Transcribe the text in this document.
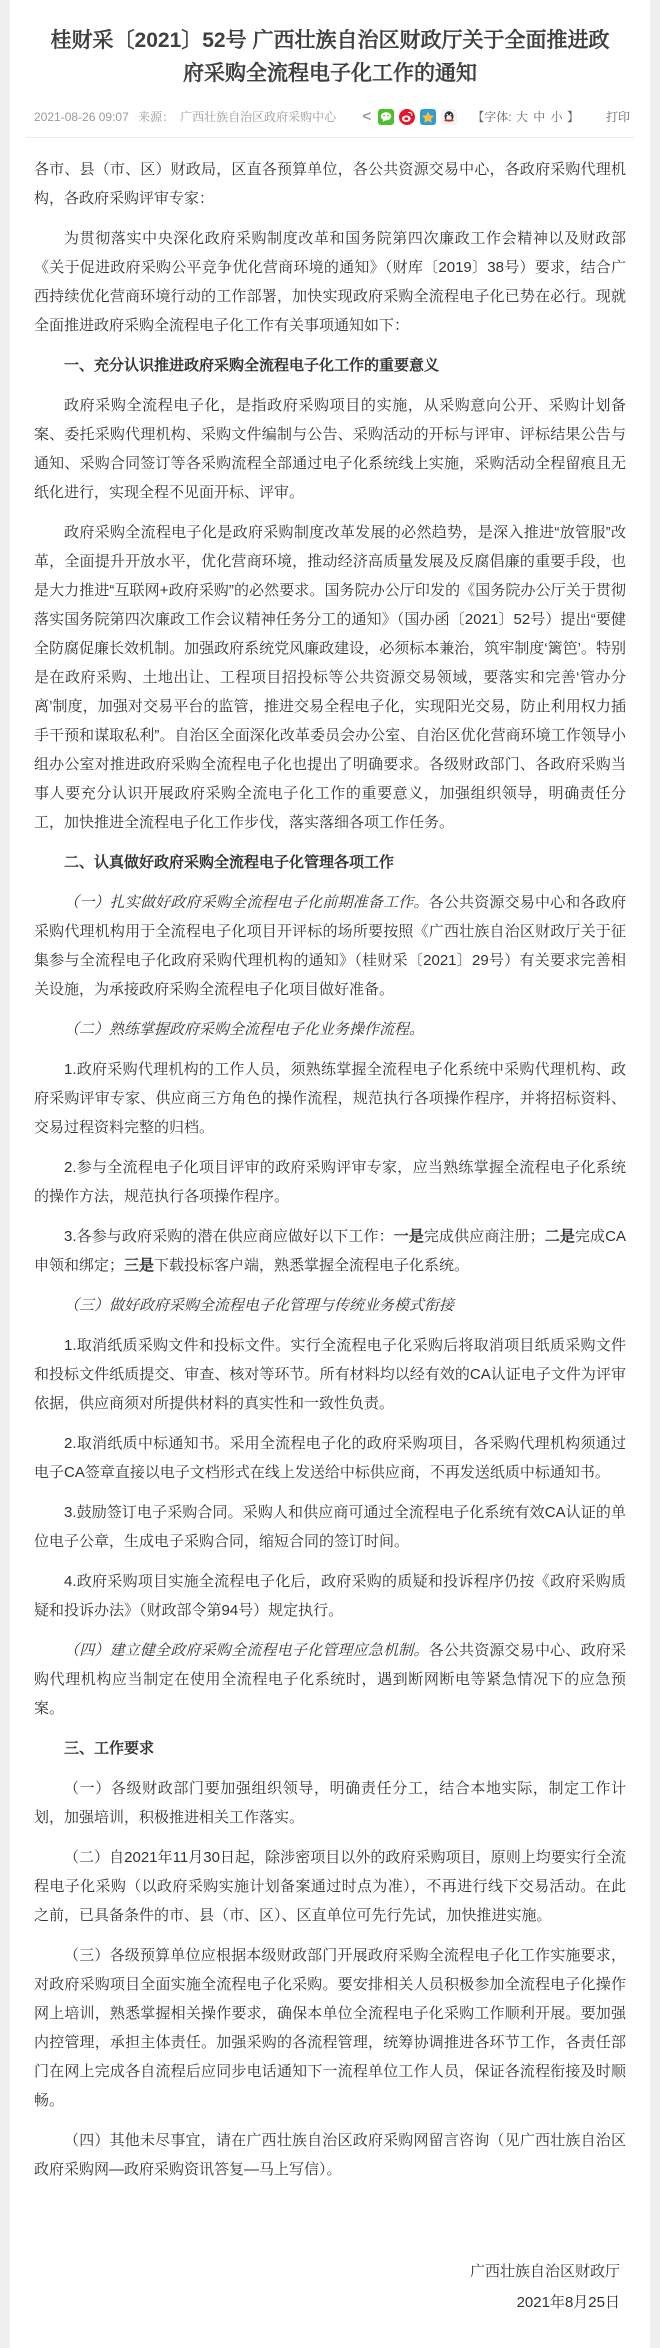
桂财采〔2021〕52号 广西壮族自治区财政厅关于全面推进政府采购全流程电子化工作的通知
2021-08-26 09:07 来源： 广西壮族自治区政府采购中心	<	【字体: 大 中 小 】 打印

各市、县（市、区）财政局，区直各预算单位，各公共资源交易中心，各政府采购代理机构，各政府采购评审专家：

为贯彻落实中央深化政府采购制度改革和国务院第四次廉政工作会精神以及财政部《关于促进政府采购公平竞争优化营商环境的通知》（财库〔2019〕38号）要求，结合广西持续优化营商环境行动的工作部署，加快实现政府采购全流程电子化已势在必行。现就全面推进政府采购全流程电子化工作有关事项通知如下：

一、充分认识推进政府采购全流程电子化工作的重要意义

政府采购全流程电子化，是指政府采购项目的实施，从采购意向公开、采购计划备案、委托采购代理机构、采购文件编制与公告、采购活动的开标与评审、评标结果公告与通知、采购合同签订等各采购流程全部通过电子化系统线上实施，采购活动全程留痕且无纸化进行，实现全程不见面开标、评审。

政府采购全流程电子化是政府采购制度改革发展的必然趋势，是深入推进“放管服”改革，全面提升开放水平，优化营商环境，推动经济高质量发展及反腐倡廉的重要手段，也是大力推进“互联网+政府采购”的必然要求。国务院办公厅印发的《国务院办公厅关于贯彻落实国务院第四次廉政工作会议精神任务分工的通知》（国办函〔2021〕52号）提出“要健全防腐促廉长效机制。加强政府系统党风廉政建设，必须标本兼治，筑牢制度‘篱笆’。特别是在政府采购、土地出让、工程项目招投标等公共资源交易领域，要落实和完善‘管办分离’制度，加强对交易平台的监管，推进交易全程电子化，实现阳光交易，防止利用权力插手干预和谋取私利”。自治区全面深化改革委员会办公室、自治区优化营商环境工作领导小组办公室对推进政府采购全流程电子化也提出了明确要求。各级财政部门、各政府采购当事人要充分认识开展政府采购全流电子化工作的重要意义，加强组织领导，明确责任分工，加快推进全流程电子化工作步伐，落实落细各项工作任务。

二、认真做好政府采购全流程电子化管理各项工作

（一）扎实做好政府采购全流程电子化前期准备工作。各公共资源交易中心和各政府采购代理机构用于全流程电子化项目开评标的场所要按照《广西壮族自治区财政厅关于征集参与全流程电子化政府采购代理机构的通知》（桂财采〔2021〕29号）有关要求完善相关设施，为承接政府采购全流程电子化项目做好准备。

（二）熟练掌握政府采购全流程电子化业务操作流程。

1.政府采购代理机构的工作人员，须熟练掌握全流程电子化系统中采购代理机构、政府采购评审专家、供应商三方角色的操作流程，规范执行各项操作程序，并将招标资料、交易过程资料完整的归档。

2.参与全流程电子化项目评审的政府采购评审专家，应当熟练掌握全流程电子化系统的操作方法，规范执行各项操作程序。

3.各参与政府采购的潜在供应商应做好以下工作：一是完成供应商注册；二是完成CA申领和绑定；三是下载投标客户端，熟悉掌握全流程电子化系统。

（三）做好政府采购全流程电子化管理与传统业务模式衔接

1.取消纸质采购文件和投标文件。实行全流程电子化采购后将取消项目纸质采购文件和投标文件纸质提交、审查、核对等环节。所有材料均以经有效的CA认证电子文件为评审依据，供应商须对所提供材料的真实性和一致性负责。

2.取消纸质中标通知书。采用全流程电子化的政府采购项目，各采购代理机构须通过电子CA签章直接以电子文档形式在线上发送给中标供应商，不再发送纸质中标通知书。

3.鼓励签订电子采购合同。采购人和供应商可通过全流程电子化系统有效CA认证的单位电子公章，生成电子采购合同，缩短合同的签订时间。

4.政府采购项目实施全流程电子化后，政府采购的质疑和投诉程序仍按《政府采购质疑和投诉办法》（财政部令第94号）规定执行。

（四）建立健全政府采购全流程电子化管理应急机制。各公共资源交易中心、政府采购代理机构应当制定在使用全流程电子化系统时，遇到断网断电等紧急情况下的应急预案。

三、工作要求

（一）各级财政部门要加强组织领导，明确责任分工，结合本地实际，制定工作计划，加强培训，积极推进相关工作落实。

（二）自2021年11月30日起，除涉密项目以外的政府采购项目，原则上均要实行全流程电子化采购（以政府采购实施计划备案通过时点为准），不再进行线下交易活动。在此之前，已具备条件的市、县（市、区）、区直单位可先行先试，加快推进实施。

（三）各级预算单位应根据本级财政部门开展政府采购全流程电子化工作实施要求，对政府采购项目全面实施全流程电子化采购。要安排相关人员积极参加全流程电子化操作网上培训，熟悉掌握相关操作要求，确保本单位全流程电子化采购工作顺利开展。要加强内控管理，承担主体责任。加强采购的各流程管理，统筹协调推进各环节工作，各责任部门在网上完成各自流程后应同步电话通知下一流程单位工作人员，保证各流程衔接及时顺畅。

（四）其他未尽事宜，请在广西壮族自治区政府采购网留言咨询（见广西壮族自治区政府采购网—政府采购资讯答复—马上写信）。

广西壮族自治区财政厅
2021年8月25日
